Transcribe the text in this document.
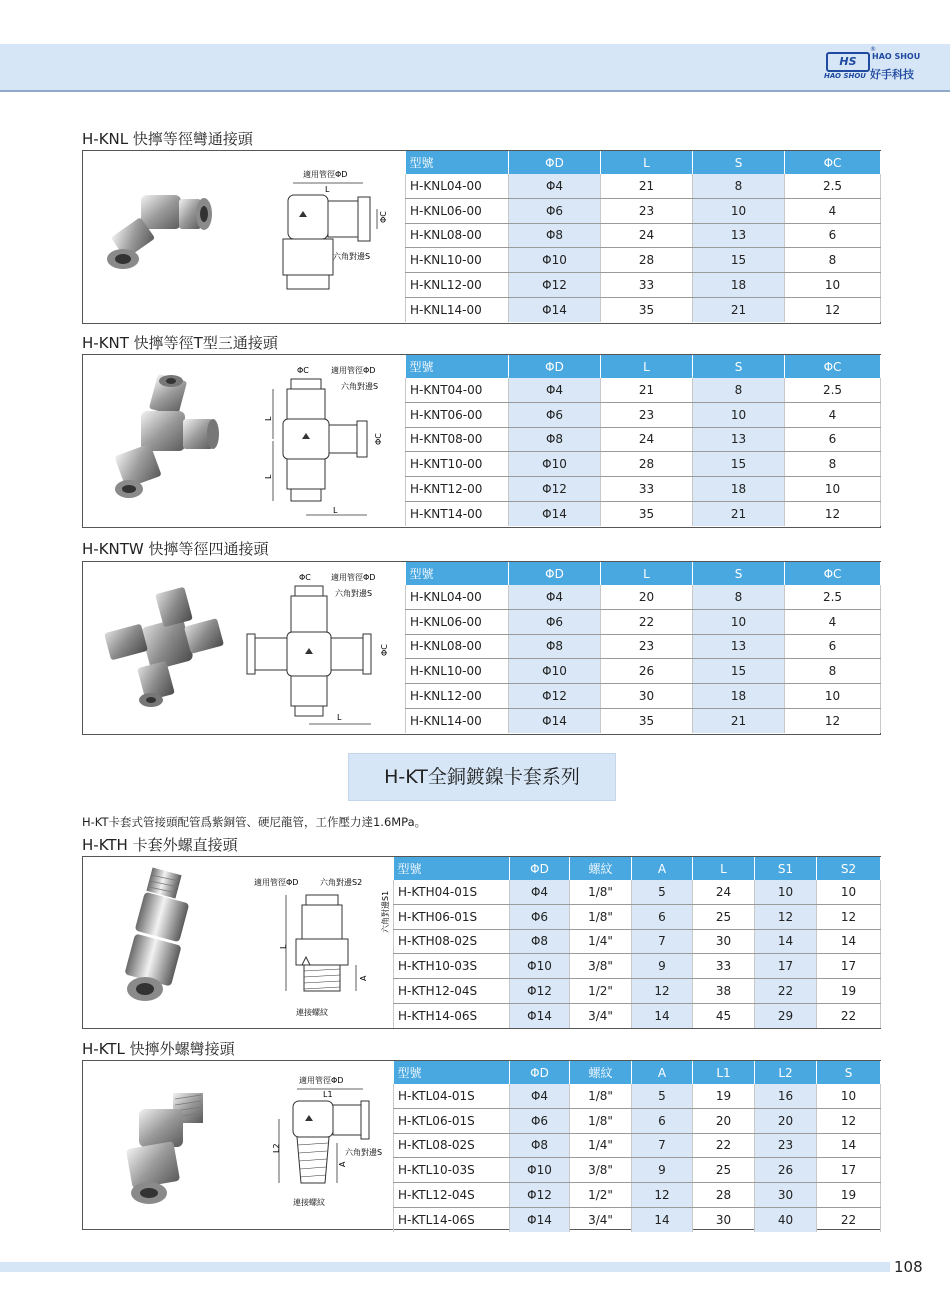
HS
®
HAO SHOU
HAO SHOU 好手科技
H-KNL 快擰等徑彎通接頭
適用管徑ΦD
L
ΦC
六角對邊S
型號	ΦD	L	S	ΦC
H-KNL04-00	Φ4	21	8	2.5
H-KNL06-00	Φ6	23	10	4
H-KNL08-00	Φ8	24	13	6
H-KNL10-00	Φ10	28	15	8
H-KNL12-00	Φ12	33	18	10
H-KNL14-00	Φ14	35	21	12
H-KNT 快擰等徑T型三通接頭
ΦC	適用管徑ΦD
六角對邊S
ΦC
L
L
L
型號	ΦD	L	S	ΦC
H-KNT04-00	Φ4	21	8	2.5
H-KNT06-00	Φ6	23	10	4
H-KNT08-00	Φ8	24	13	6
H-KNT10-00	Φ10	28	15	8
H-KNT12-00	Φ12	33	18	10
H-KNT14-00	Φ14	35	21	12
H-KNTW 快擰等徑四通接頭
ΦC	適用管徑ΦD
六角對邊S
ΦC
L
型號	ΦD	L	S	ΦC
H-KNL04-00	Φ4	20	8	2.5
H-KNL06-00	Φ6	22	10	4
H-KNL08-00	Φ8	23	13	6
H-KNL10-00	Φ10	26	15	8
H-KNL12-00	Φ12	30	18	10
H-KNL14-00	Φ14	35	21	12
H-KT全銅鍍鎳卡套系列
H-KT卡套式管接頭配管爲紫銅管、硬尼龍管，工作壓力達1.6MPa。
H-KTH 卡套外螺直接頭
適用管徑ΦD	六角對邊S2
L
六角對邊S1
A
連接螺紋
型號	ΦD	螺紋	A	L	S1	S2
H-KTH04-01S	Φ4	1/8"	5	24	10	10
H-KTH06-01S	Φ6	1/8"	6	25	12	12
H-KTH08-02S	Φ8	1/4"	7	30	14	14
H-KTH10-03S	Φ10	3/8"	9	33	17	17
H-KTH12-04S	Φ12	1/2"	12	38	22	19
H-KTH14-06S	Φ14	3/4"	14	45	29	22
H-KTL 快擰外螺彎接頭
適用管徑ΦD
L1
L2
A
六角對邊S
連接螺紋
型號	ΦD	螺紋	A	L1	L2	S
H-KTL04-01S	Φ4	1/8"	5	19	16	10
H-KTL06-01S	Φ6	1/8"	6	20	20	12
H-KTL08-02S	Φ8	1/4"	7	22	23	14
H-KTL10-03S	Φ10	3/8"	9	25	26	17
H-KTL12-04S	Φ12	1/2"	12	28	30	19
H-KTL14-06S	Φ14	3/4"	14	30	40	22
108
